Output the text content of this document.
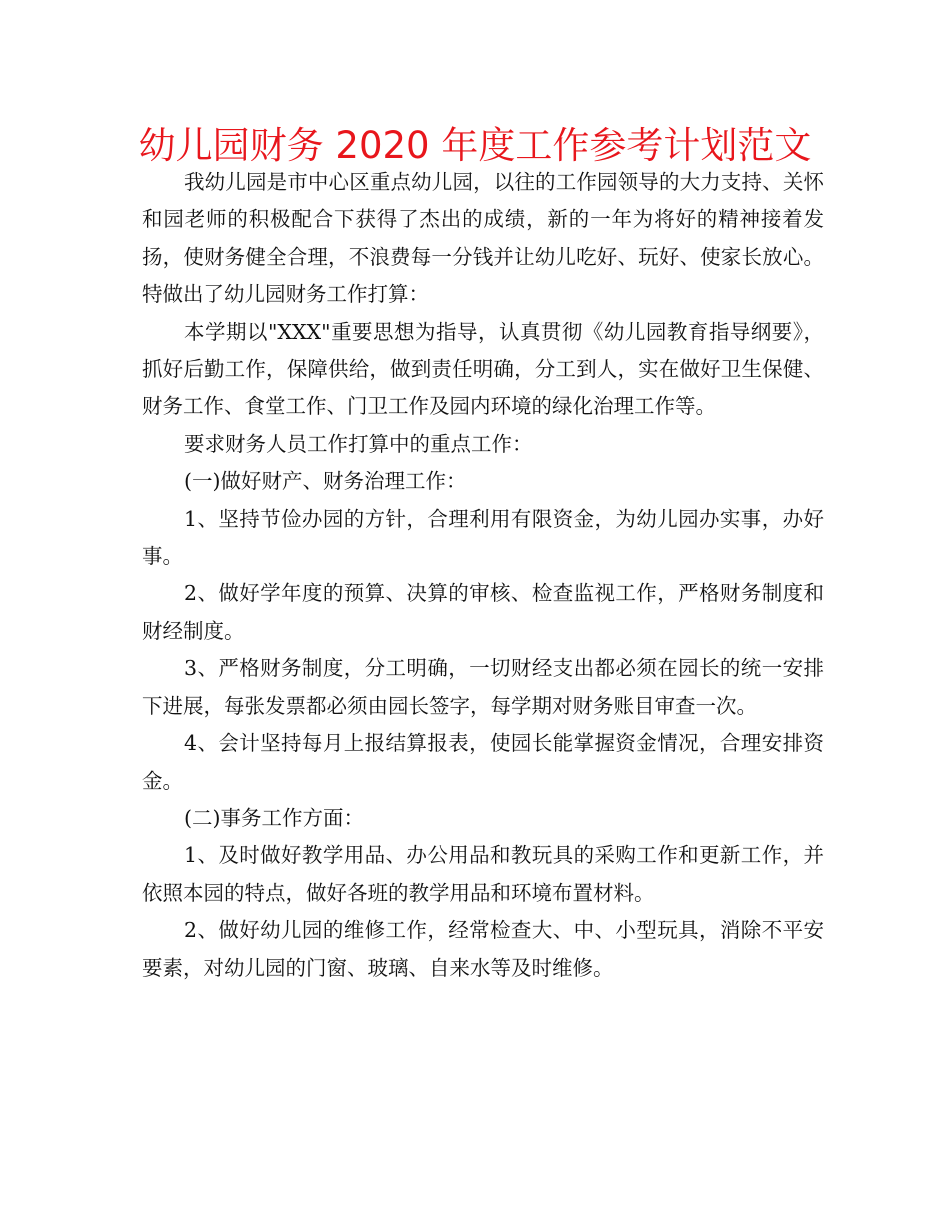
幼儿园财务 2020 年度工作参考计划范文

我幼儿园是市中心区重点幼儿园，以往的工作园领导的大力支持、关怀和园老师的积极配合下获得了杰出的成绩，新的一年为将好的精神接着发扬，使财务健全合理，不浪费每一分钱并让幼儿吃好、玩好、使家长放心。特做出了幼儿园财务工作打算：

本学期以"XXX"重要思想为指导，认真贯彻《幼儿园教育指导纲要》，抓好后勤工作，保障供给，做到责任明确，分工到人，实在做好卫生保健、财务工作、食堂工作、门卫工作及园内环境的绿化治理工作等。

要求财务人员工作打算中的重点工作：

(一)做好财产、财务治理工作：

1、坚持节俭办园的方针，合理利用有限资金，为幼儿园办实事，办好事。

2、做好学年度的预算、决算的审核、检查监视工作，严格财务制度和财经制度。

3、严格财务制度，分工明确，一切财经支出都必须在园长的统一安排下进展，每张发票都必须由园长签字，每学期对财务账目审查一次。

4、会计坚持每月上报结算报表，使园长能掌握资金情况，合理安排资金。

(二)事务工作方面：

1、及时做好教学用品、办公用品和教玩具的采购工作和更新工作，并依照本园的特点，做好各班的教学用品和环境布置材料。

2、做好幼儿园的维修工作，经常检查大、中、小型玩具，消除不平安要素，对幼儿园的门窗、玻璃、自来水等及时维修。
